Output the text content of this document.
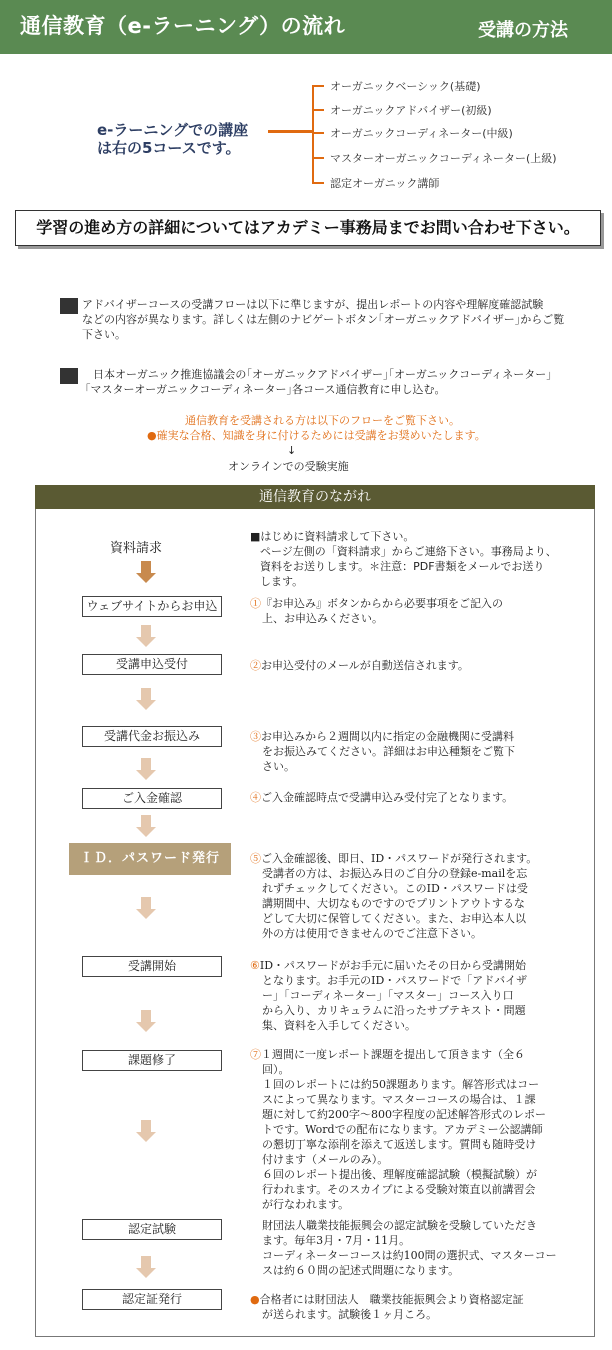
通信教育（e-ラーニング）の流れ	受講の方法
e-ラーニングでの講座
は右の5コースです。
オーガニックベーシック(基礎)
オーガニックアドバイザー(初級)
オーガニックコーディネーター(中級)
マスターオーガニックコーディネーター(上級)
認定オーガニック講師
学習の進め方の詳細についてはアカデミー事務局までお問い合わせ下さい。
アドバイザーコースの受講フローは以下に準じますが、提出レポートの内容や理解度確認試験
などの内容が異なります。詳しくは左側のナビゲートボタン｢オーガニックアドバイザー｣からご覧
下さい。
日本オーガニック推進協議会の｢オーガニックアドバイザー｣｢オーガニックコーディネーター｣
｢マスターオーガニックコーディネーター｣各コース通信教育に申し込む。
通信教育を受講される方は以下のフローをご覧下さい。
●確実な合格、知識を身に付けるためには受講をお奨めいたします。
↓
オンラインでの受験実施
通信教育のながれ
資料請求
■はじめに資料請求して下さい。
ページ左側の「資料請求」からご連絡下さい。事務局より、
資料をお送りします。＊注意：PDF書類をメールでお送り
します。
ウェブサイトからお申込	①『お申込み』ボタンからから必要事項をご記入の
上、お申込みください。
受講申込受付	②お申込受付のメールが自動送信されます。
受講代金お振込み	③お申込みから２週間以内に指定の金融機関に受講料
をお振込みてください。詳細はお申込種類をご覧下
さい。
ご入金確認	④ご入金確認時点で受講申込み受付完了となります。
ＩＤ．パスワード発行	⑤ご入金確認後、即日、ID・パスワードが発行されます。
受講者の方は、お振込み日のご自分の登録e-mailを忘
れずチェックしてください。このID・パスワードは受
講期間中、大切なものですのでプリントアウトするな
どして大切に保管してください。また、お申込本人以
外の方は使用できませんのでご注意下さい。
受講開始	⑥ID・パスワードがお手元に届いたその日から受講開始
となります。お手元のID・パスワードで「アドバイザ
ー」「コーディネーター」「マスター」コース入り口
から入り、カリキュラムに沿ったサブテキスト・問題
集、資料を入手してください。
課題修了	⑦１週間に一度レポート課題を提出して頂きます（全６
回）。
１回のレポートには約50課題あります。解答形式はコー
スによって異なります。マスターコースの場合は、１課
題に対して約200字～800字程度の記述解答形式のレポー
トです。Wordでの配布になります。アカデミー公認講師
の懇切丁寧な添削を添えて返送します。質問も随時受け
付けます（メールのみ）。
６回のレポート提出後、理解度確認試験（模擬試験）が
行われます。そのスカイプによる受験対策直以前講習会
が行なわれます。
認定試験	財団法人職業技能振興会の認定試験を受験していただき
ます。毎年3月・7月・11月。
コーディネーターコースは約100問の選択式、マスターコー
スは約６０問の記述式問題になります。
認定証発行	●合格者には財団法人　職業技能振興会より資格認定証
が送られます。試験後１ヶ月ころ。
